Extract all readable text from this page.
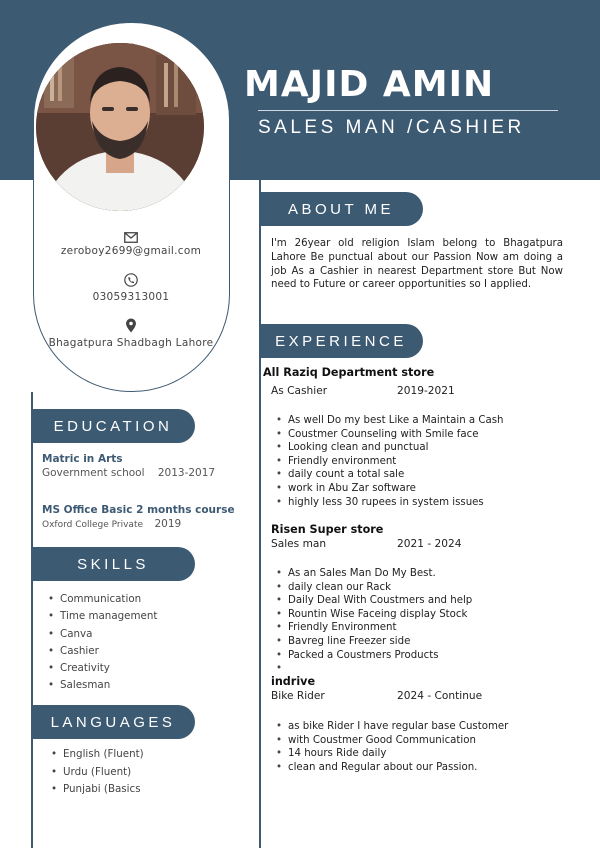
MAJID AMIN
SALES MAN /CASHIER
zeroboy2699@gmail.com
03059313001
Bhagatpura Shadbagh Lahore
EDUCATION
Matric in Arts
Government school 2013-2017
MS Office Basic 2 months course
Oxford College Private 2019
SKILLS
• Communication
• Time management
• Canva
• Cashier
• Creativity
• Salesman
LANGUAGES
• English (Fluent)
• Urdu (Fluent)
• Punjabi (Basics
ABOUT ME
I'm 26year old religion Islam belong to Bhagatpura Lahore Be punctual about our Passion Now am doing a job As a Cashier in nearest Department store But Now need to Future or career opportunities so I applied.
EXPERIENCE
All Raziq Department store
As Cashier	2019-2021
• As well Do my best Like a Maintain a Cash
• Coustmer Counseling with Smile face
• Looking clean and punctual
• Friendly environment
• daily count a total sale
• work in Abu Zar software
• highly less 30 rupees in system issues
Risen Super store
Sales man	2021 - 2024
• As an Sales Man Do My Best.
• daily clean our Rack
• Daily Deal With Coustmers and help
• Rountin Wise Faceing display Stock
• Friendly Environment
• Bavreg line Freezer side
• Packed a Coustmers Products
•
indrive
Bike Rider	2024 - Continue
• as bike Rider I have regular base Customer
• with Coustmer Good Communication
• 14 hours Ride daily
• clean and Regular about our Passion.
